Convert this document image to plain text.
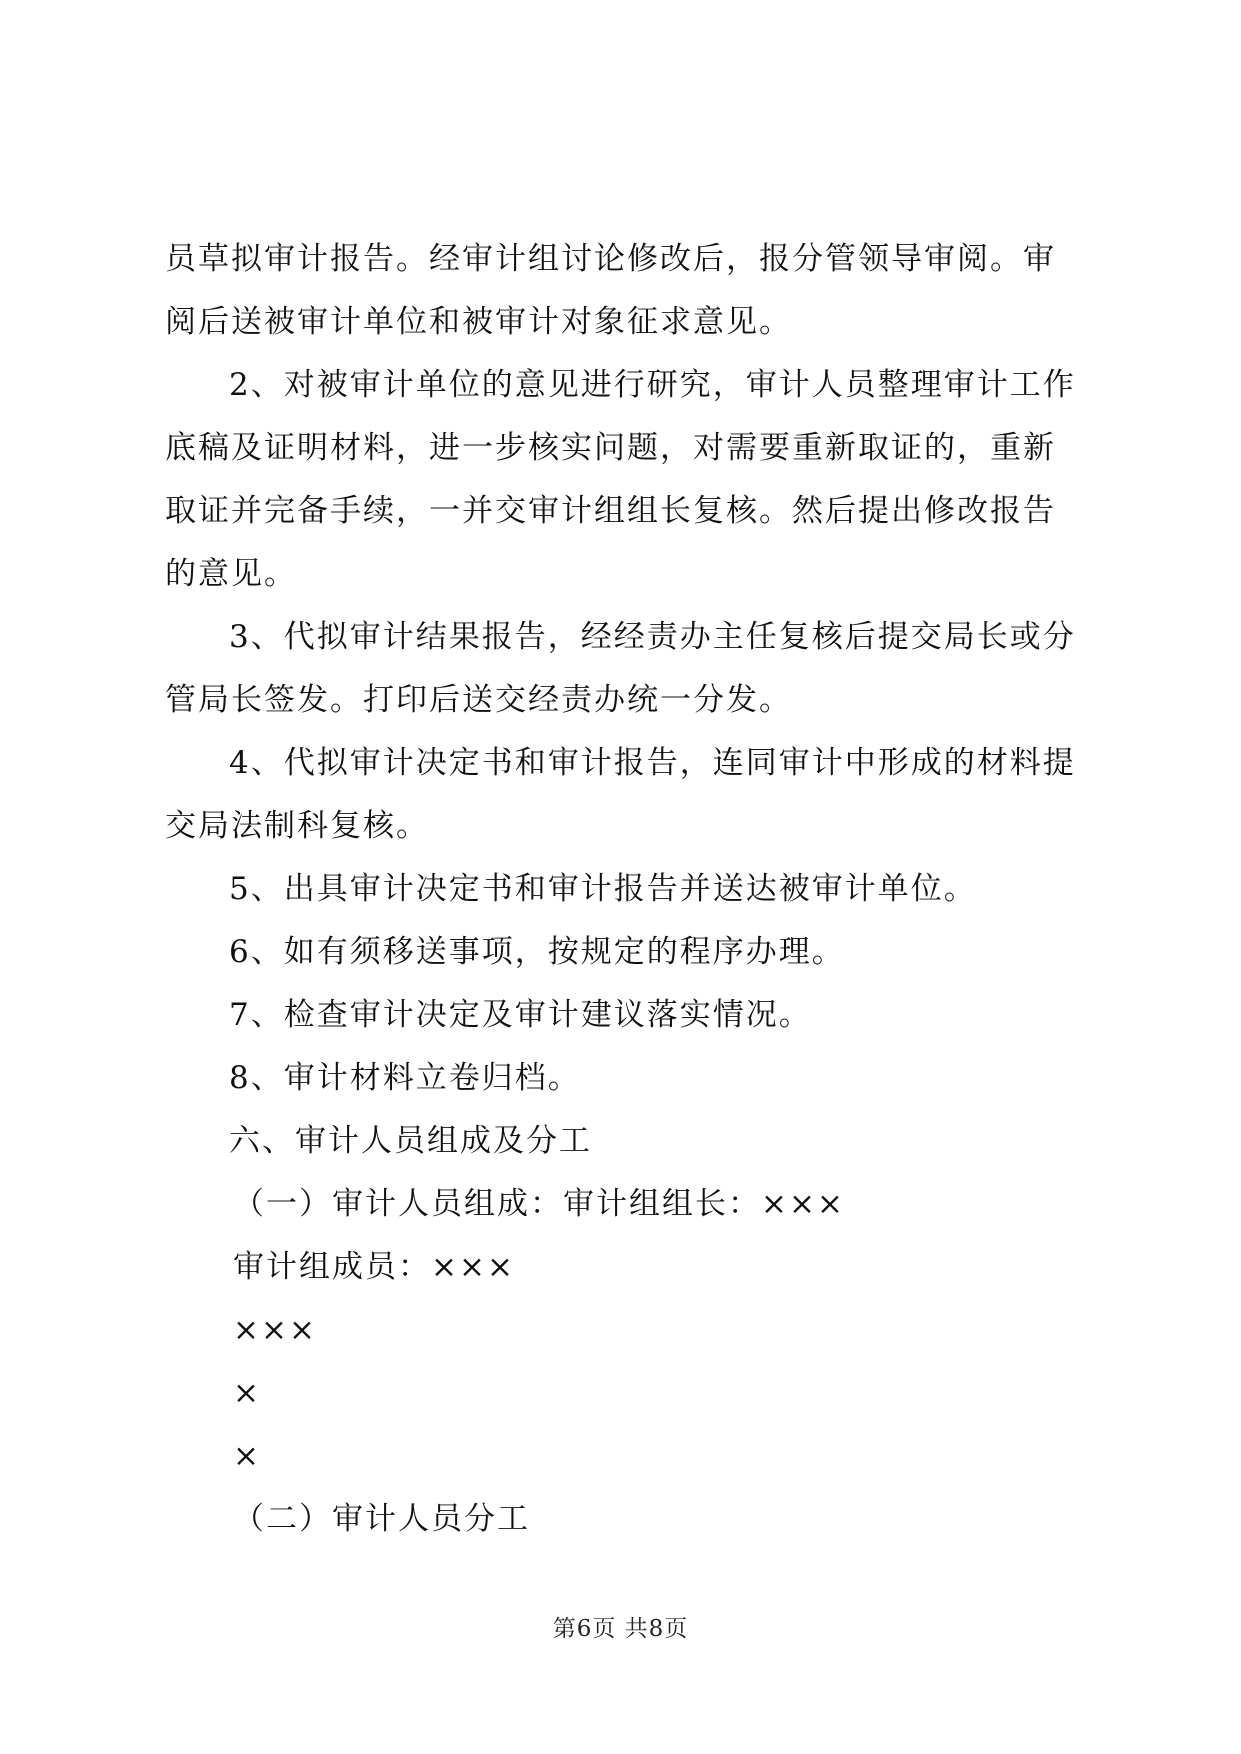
员草拟审计报告。经审计组讨论修改后，报分管领导审阅。审阅后送被审计单位和被审计对象征求意见。

2、对被审计单位的意见进行研究，审计人员整理审计工作底稿及证明材料，进一步核实问题，对需要重新取证的，重新取证并完备手续，一并交审计组组长复核。然后提出修改报告的意见。

3、代拟审计结果报告，经经责办主任复核后提交局长或分管局长签发。打印后送交经责办统一分发。

4、代拟审计决定书和审计报告，连同审计中形成的材料提交局法制科复核。

5、出具审计决定书和审计报告并送达被审计单位。

6、如有须移送事项，按规定的程序办理。

7、检查审计决定及审计建议落实情况。

8、审计材料立卷归档。

六、审计人员组成及分工

（一）审计人员组成：审计组组长：×××

审计组成员：×××

×××

×

×

（二）审计人员分工

第6页 共8页
